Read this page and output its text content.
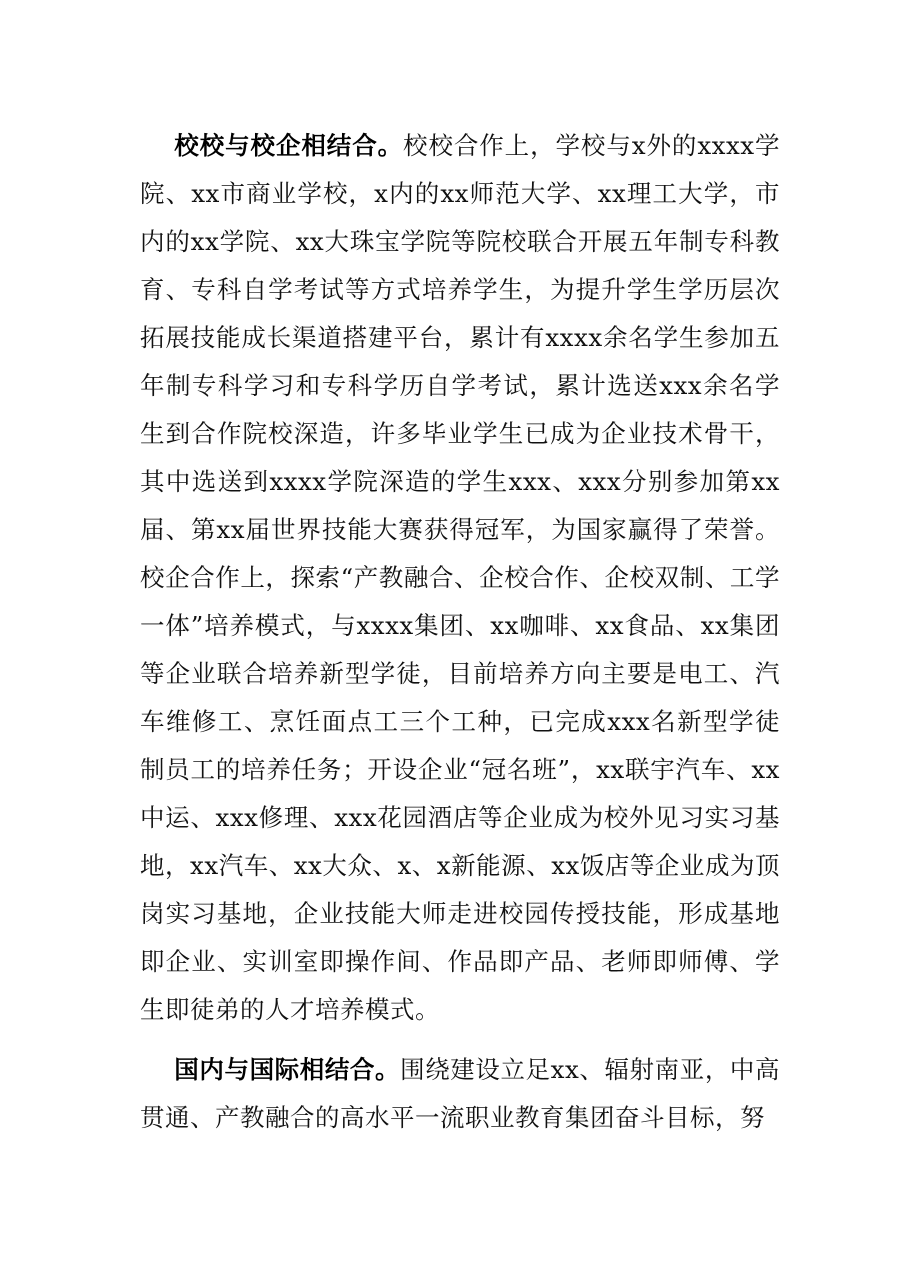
校校与校企相结合。校校合作上，学校与x外的xxxx学院、xx市商业学校，x内的xx师范大学、xx理工大学，市内的xx学院、xx大珠宝学院等院校联合开展五年制专科教育、专科自学考试等方式培养学生，为提升学生学历层次拓展技能成长渠道搭建平台，累计有xxxx余名学生参加五年制专科学习和专科学历自学考试，累计选送xxx余名学生到合作院校深造，许多毕业学生已成为企业技术骨干，其中选送到xxxx学院深造的学生xxx、xxx分别参加第xx届、第xx届世界技能大赛获得冠军，为国家赢得了荣誉。校企合作上，探索“产教融合、企校合作、企校双制、工学一体”培养模式，与xxxx集团、xx咖啡、xx食品、xx集团等企业联合培养新型学徒，目前培养方向主要是电工、汽车维修工、烹饪面点工三个工种，已完成xxx名新型学徒制员工的培养任务；开设企业“冠名班”，xx联宇汽车、xx中运、xxx修理、xxx花园酒店等企业成为校外见习实习基地，xx汽车、xx大众、x、x新能源、xx饭店等企业成为顶岗实习基地，企业技能大师走进校园传授技能，形成基地即企业、实训室即操作间、作品即产品、老师即师傅、学生即徒弟的人才培养模式。

国内与国际相结合。围绕建设立足xx、辐射南亚，中高贯通、产教融合的高水平一流职业教育集团奋斗目标，努
